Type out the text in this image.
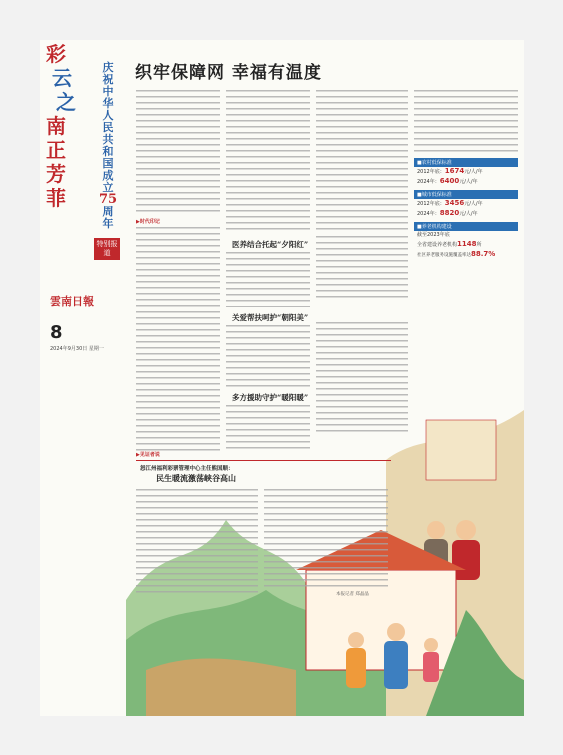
彩
云
之
南
正
芳
菲
庆祝中华人民共和国成立
75
周年
特别报道
雲南日報
8
2024年9月30日 星期一
织牢保障网 幸福有温度
▶时代印记
医养结合托起“夕阳红”
关爱帮扶呵护“朝阳美”
多方援助守护“暖阳暖”
■农村低保标准
2012年底：1674元/人/年
2024年：6400元/人/年
■城市低保标准
2012年底：3456元/人/年
2024年：8820元/人/年
■养老机构建设
截至2023年底
全省建设养老机构1148所
社区养老服务设施覆盖率达88.7%
▶见证者说
怒江州福利彩票管理中心主任熊国顺：
民生暖流激荡峡谷高山
本报记者 郑晶晶
